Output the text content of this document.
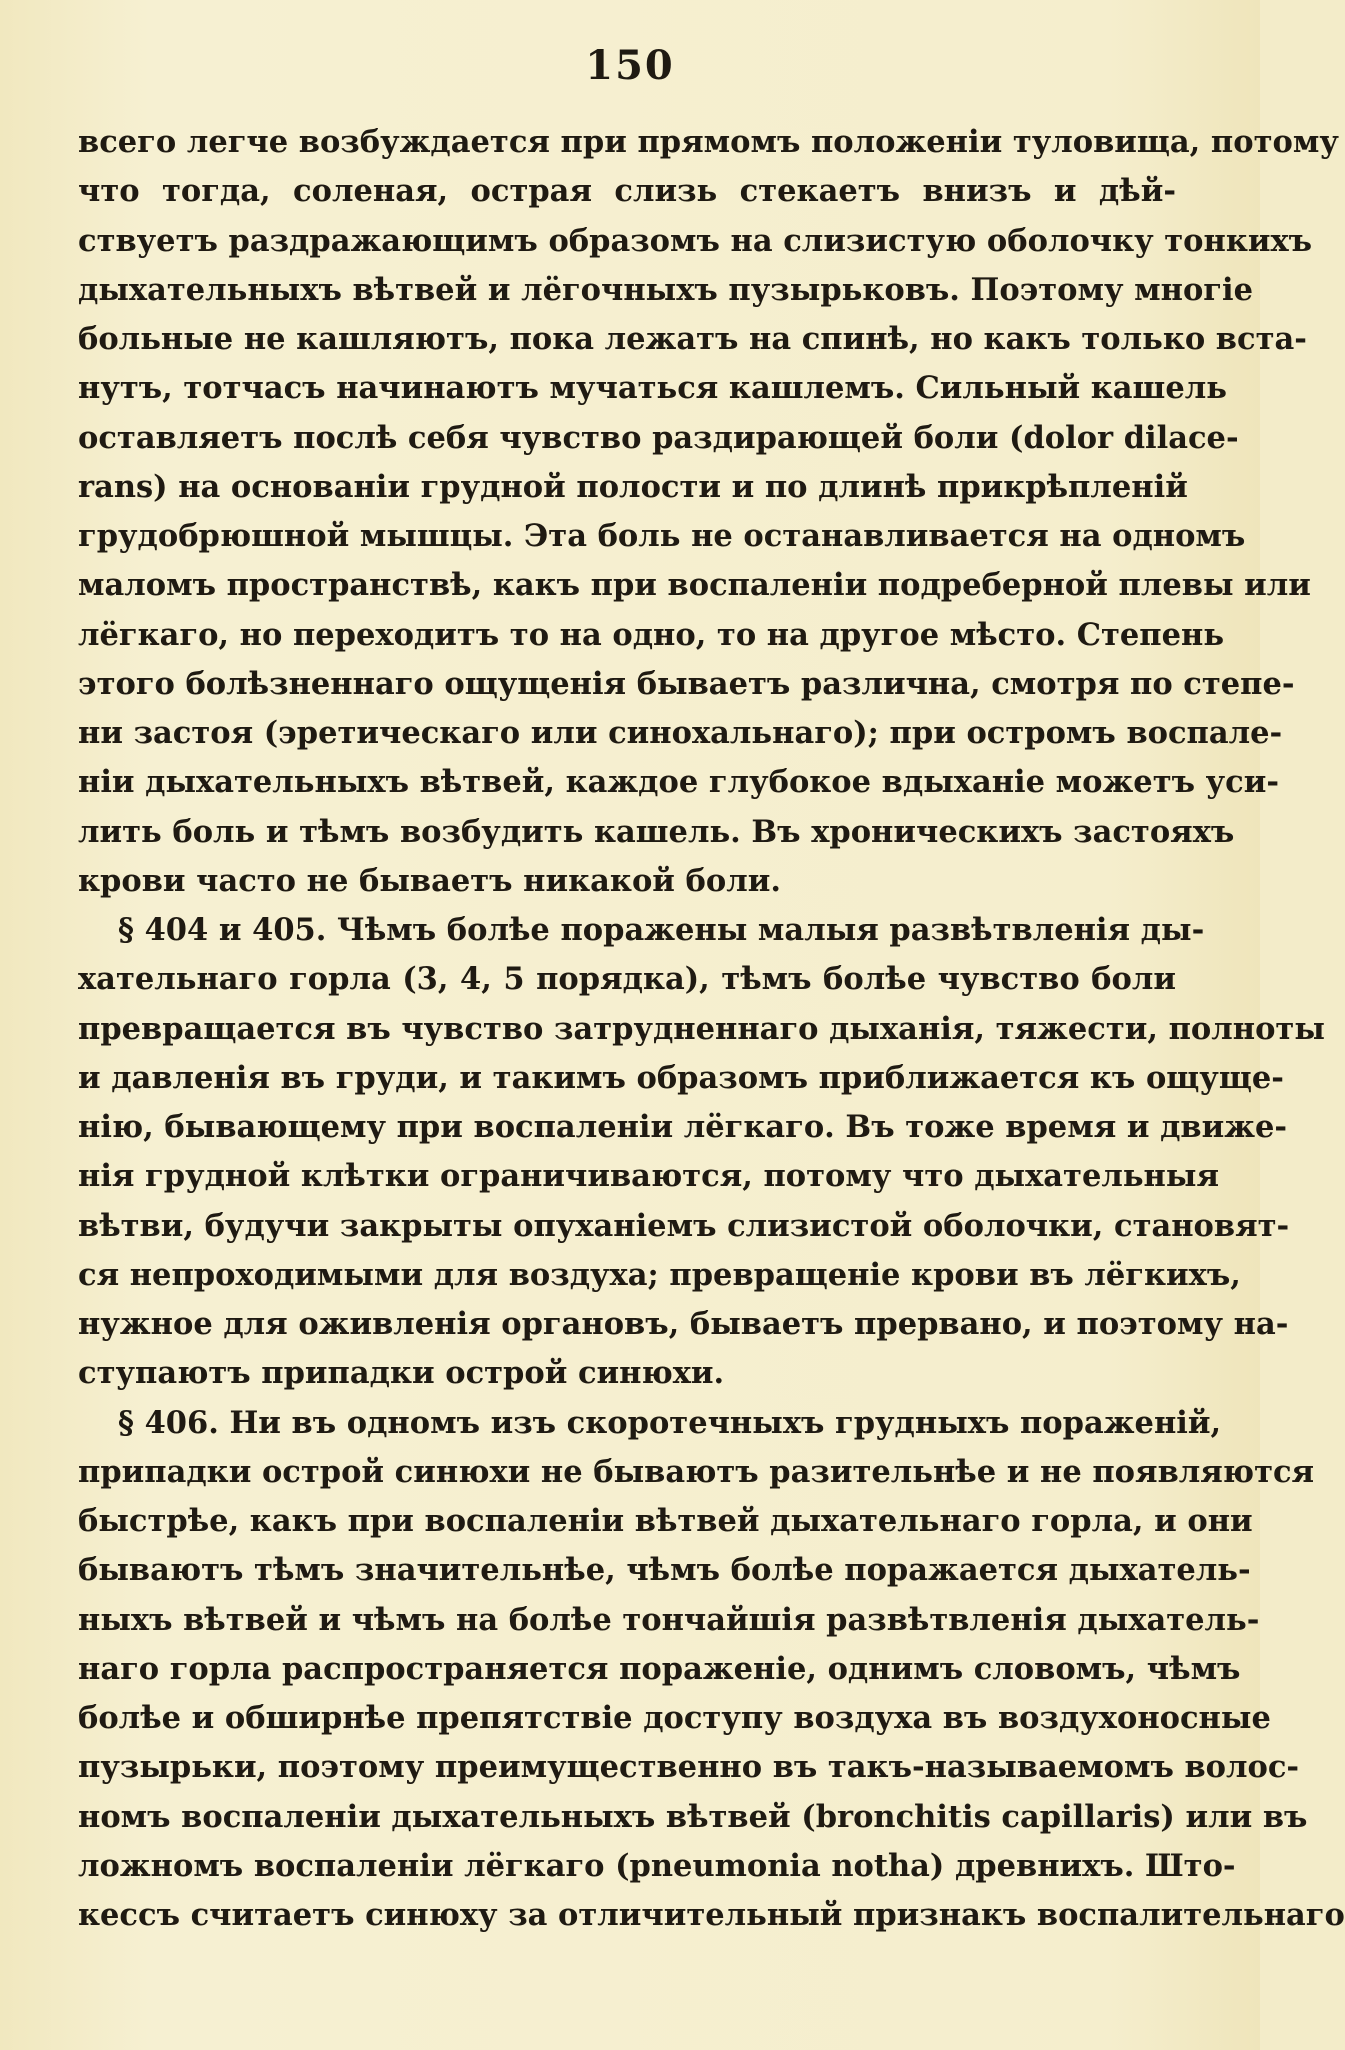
150
всего легче возбуждается при прямомъ положенiи туловища, потому
что тогда, соленая, острая слизь стекаетъ внизъ и дѣй-
ствуетъ раздражающимъ образомъ на слизистую оболочку тонкихъ
дыхательныхъ вѣтвей и лёгочныхъ пузырьковъ. Поэтому многiе
больные не кашляютъ, пока лежатъ на спинѣ, но какъ только вста-
нутъ, тотчасъ начинаютъ мучаться кашлемъ. Сильный кашель
оставляетъ послѣ себя чувство раздирающей боли (dolor dilace-
rans) на основанiи грудной полости и по длинѣ прикрѣпленiй
грудобрюшной мышцы. Эта боль не останавливается на одномъ
маломъ пространствѣ, какъ при воспаленiи подреберной плевы или
лёгкаго, но переходитъ то на одно, то на другое мѣсто. Степень
этого болѣзненнаго ощущенiя бываетъ различна, смотря по степе-
ни застоя (эретическаго или синохальнаго); при остромъ воспале-
нiи дыхательныхъ вѣтвей, каждое глубокое вдыханiе можетъ уси-
лить боль и тѣмъ возбудить кашель. Въ хроническихъ застояхъ
крови часто не бываетъ никакой боли.
§ 404 и 405. Чѣмъ болѣе поражены малыя развѣтвленiя ды-
хательнаго горла (3, 4, 5 порядка), тѣмъ болѣе чувство боли
превращается въ чувство затрудненнаго дыханiя, тяжести, полноты
и давленiя въ груди, и такимъ образомъ приближается къ ощуще-
нiю, бывающему при воспаленiи лёгкаго. Въ тоже время и движе-
нiя грудной клѣтки ограничиваются, потому что дыхательныя
вѣтви, будучи закрыты опуханiемъ слизистой оболочки, становят-
ся непроходимыми для воздуха; превращенiе крови въ лёгкихъ,
нужное для оживленiя органовъ, бываетъ прервано, и поэтому на-
ступаютъ припадки острой синюхи.
§ 406. Ни въ одномъ изъ скоротечныхъ грудныхъ пораженiй,
припадки острой синюхи не бываютъ разительнѣе и не появляются
быстрѣе, какъ при воспаленiи вѣтвей дыхательнаго горла, и они
бываютъ тѣмъ значительнѣе, чѣмъ болѣе поражается дыхатель-
ныхъ вѣтвей и чѣмъ на болѣе тончайшiя развѣтвленiя дыхатель-
наго горла распространяется пораженiе, однимъ словомъ, чѣмъ
болѣе и обширнѣе препятствiе доступу воздуха въ воздухоносные
пузырьки, поэтому преимущественно въ такъ-называемомъ волос-
номъ воспаленiи дыхательныхъ вѣтвей (bronchitis capillaris) или въ
ложномъ воспаленiи лёгкаго (pneumonia notha) древнихъ. Што-
кессъ считаетъ синюху за отличительный признакъ воспалительнаго
